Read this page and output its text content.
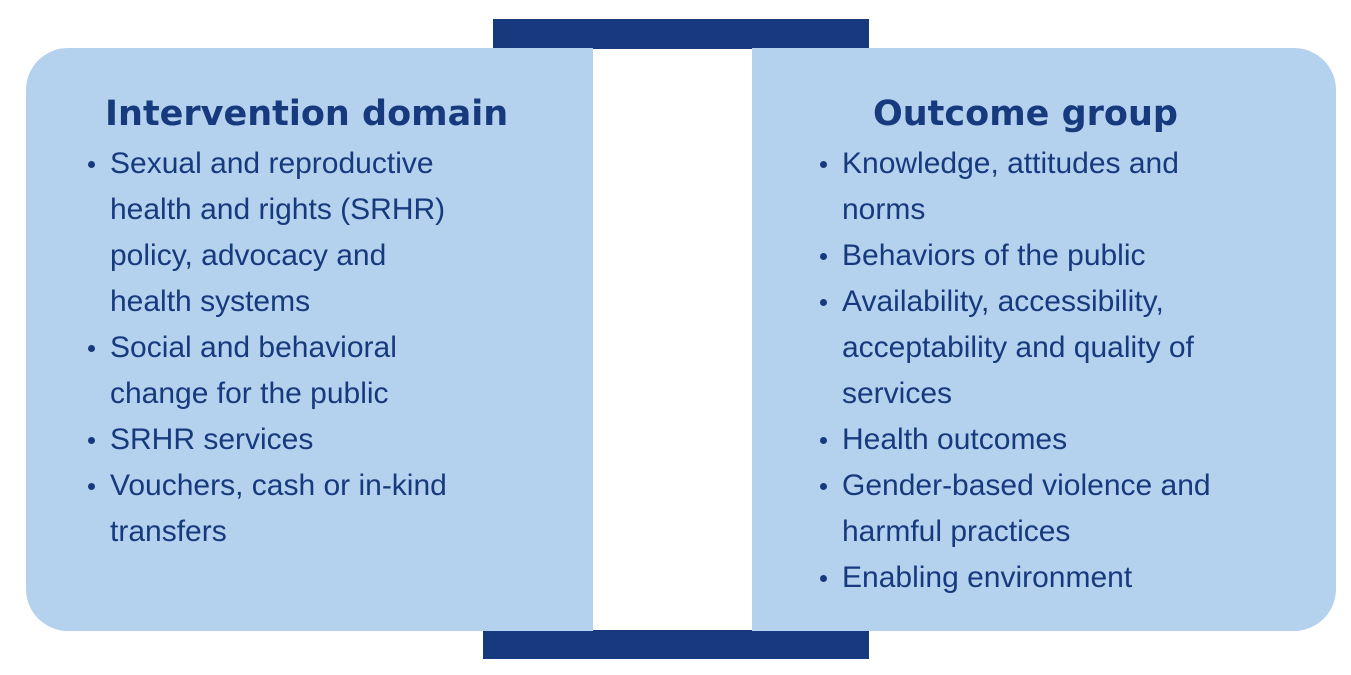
Intervention domain
Sexual and reproductive
health and rights (SRHR)
policy, advocacy and
health systems
Social and behavioral
change for the public
SRHR services
Vouchers, cash or in-kind
transfers
Outcome group
Knowledge, attitudes and
norms
Behaviors of the public
Availability, accessibility,
acceptability and quality of
services
Health outcomes
Gender-based violence and
harmful practices
Enabling environment
